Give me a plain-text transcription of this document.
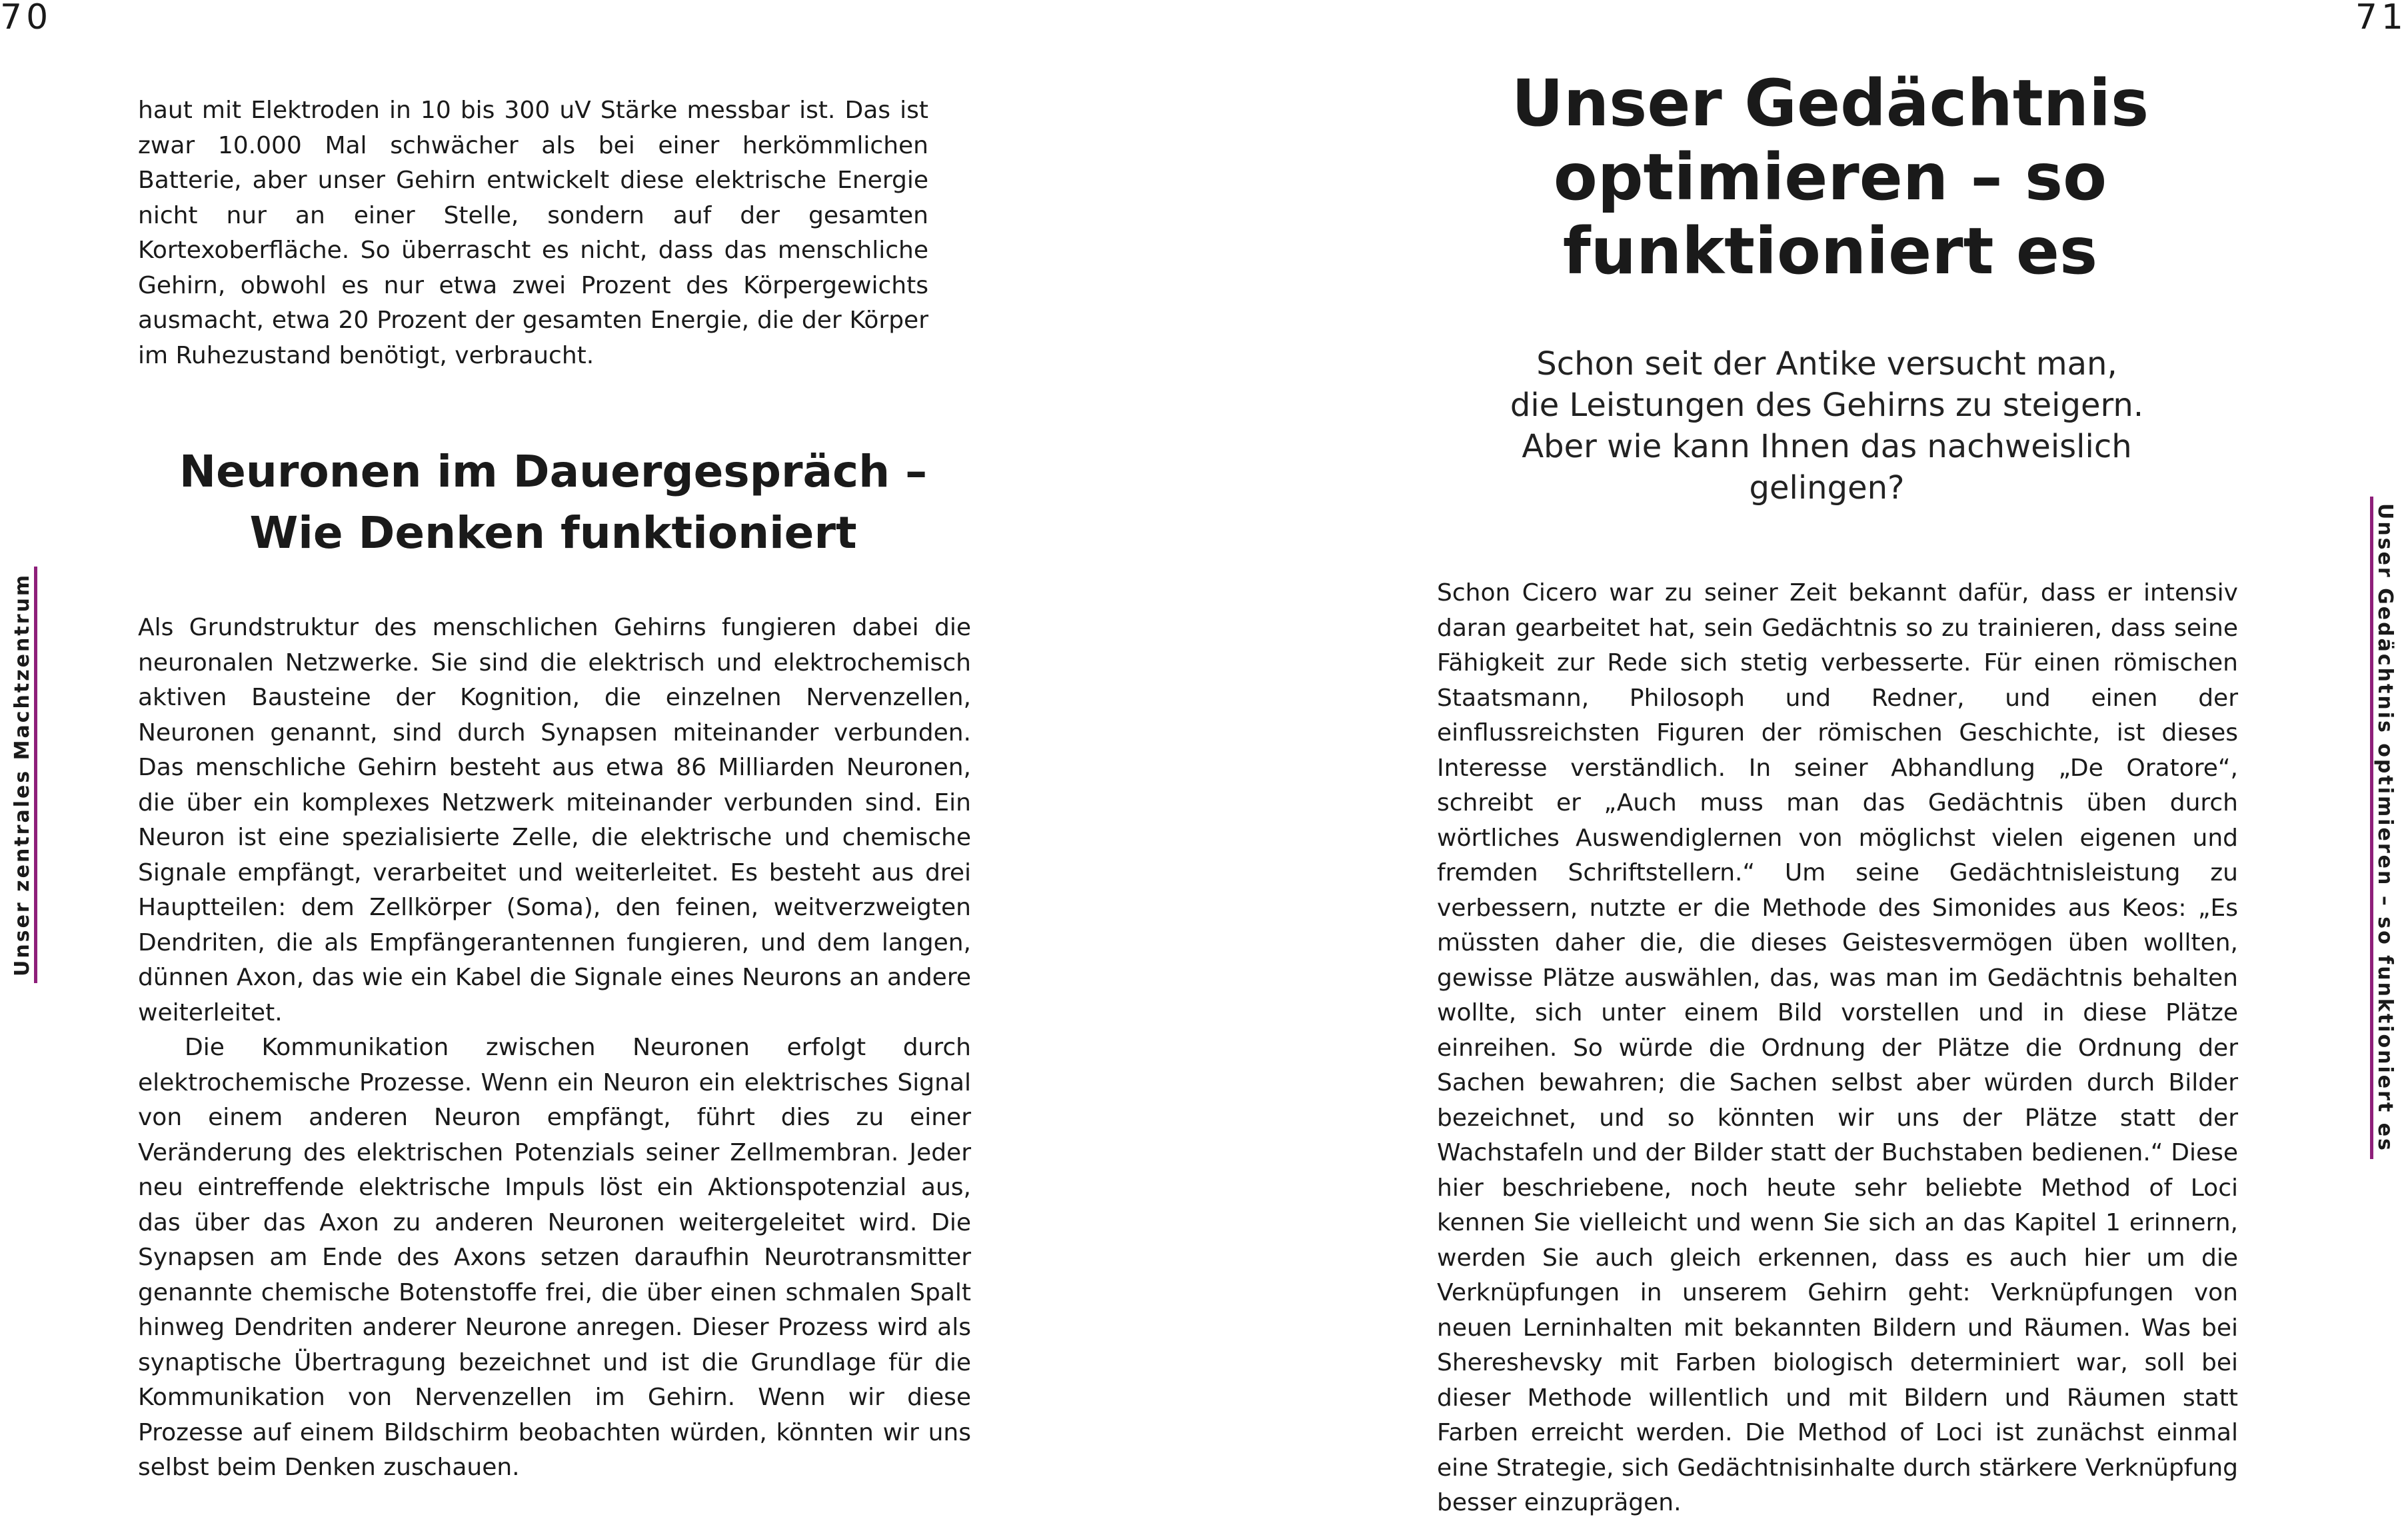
70
Unser zentrales Machtzentrum

haut mit Elektroden in 10 bis 300 uV Stärke messbar ist. Das ist zwar 10.000 Mal schwächer als bei einer herkömmlichen Batterie, aber unser Gehirn entwickelt diese elektrische Energie nicht nur an einer Stelle, sondern auf der gesamten Kortexoberfläche. So überrascht es nicht, dass das menschliche Gehirn, obwohl es nur etwa zwei Prozent des Körpergewichts ausmacht, etwa 20 Prozent der gesamten Energie, die der Körper im Ruhezustand benötigt, verbraucht.

Neuronen im Dauergespräch –
Wie Denken funktioniert

Als Grundstruktur des menschlichen Gehirns fungieren dabei die neuronalen Netzwerke. Sie sind die elektrisch und elektrochemisch aktiven Bausteine der Kognition, die einzelnen Nervenzellen, Neuronen genannt, sind durch Synapsen miteinander verbunden. Das menschliche Gehirn besteht aus etwa 86 Milliarden Neuronen, die über ein komplexes Netzwerk miteinander verbunden sind. Ein Neuron ist eine spezialisierte Zelle, die elektrische und chemische Signale empfängt, verarbeitet und weiterleitet. Es besteht aus drei Hauptteilen: dem Zellkörper (Soma), den feinen, weitverzweigten Dendriten, die als Empfängerantennen fungieren, und dem langen, dünnen Axon, das wie ein Kabel die Signale eines Neurons an andere weiterleitet.

Die Kommunikation zwischen Neuronen erfolgt durch elektrochemische Prozesse. Wenn ein Neuron ein elektrisches Signal von einem anderen Neuron empfängt, führt dies zu einer Veränderung des elektrischen Potenzials seiner Zellmembran. Jeder neu eintreffende elektrische Impuls löst ein Aktionspotenzial aus, das über das Axon zu anderen Neuronen weitergeleitet wird. Die Synapsen am Ende des Axons setzen daraufhin Neurotransmitter genannte chemische Botenstoffe frei, die über einen schmalen Spalt hinweg Dendriten anderer Neurone anregen. Dieser Prozess wird als synaptische Übertragung bezeichnet und ist die Grundlage für die Kommunikation von Nervenzellen im Gehirn. Wenn wir diese Prozesse auf einem Bildschirm beobachten würden, könnten wir uns selbst beim Denken zuschauen.

71
Unser Gedächtnis optimieren – so funktioniert es
Unser Gedächtnis
optimieren – so
funktioniert es

Schon seit der Antike versucht man,
die Leistungen des Gehirns zu steigern.
Aber wie kann Ihnen das nachweislich
gelingen?

Schon Cicero war zu seiner Zeit bekannt dafür, dass er intensiv daran gearbeitet hat, sein Gedächtnis so zu trainieren, dass seine Fähigkeit zur Rede sich stetig verbesserte. Für einen römischen Staatsmann, Philosoph und Redner, und einen der einflussreichsten Figuren der römischen Geschichte, ist dieses Interesse verständlich. In seiner Abhandlung „De Oratore“, schreibt er „Auch muss man das Gedächtnis üben durch wörtliches Auswendiglernen von möglichst vielen eigenen und fremden Schriftstellern.“ Um seine Gedächtnisleistung zu verbessern, nutzte er die Methode des Simonides aus Keos: „Es müssten daher die, die dieses Geistesvermögen üben wollten, gewisse Plätze auswählen, das, was man im Gedächtnis behalten wollte, sich unter einem Bild vorstellen und in diese Plätze einreihen. So würde die Ordnung der Plätze die Ordnung der Sachen bewahren; die Sachen selbst aber würden durch Bilder bezeichnet, und so könnten wir uns der Plätze statt der Wachstafeln und der Bilder statt der Buchstaben bedienen.“ Diese hier beschriebene, noch heute sehr beliebte Method of Loci kennen Sie vielleicht und wenn Sie sich an das Kapitel 1 erinnern, werden Sie auch gleich erkennen, dass es auch hier um die Verknüpfungen in unserem Gehirn geht: Verknüpfungen von neuen Lerninhalten mit bekannten Bildern und Räumen. Was bei Shereshevsky mit Farben biologisch determiniert war, soll bei dieser Methode willentlich und mit Bildern und Räumen statt Farben erreicht werden. Die Method of Loci ist zunächst einmal eine Strategie, sich Gedächtnisinhalte durch stärkere Verknüpfung besser einzuprägen.
